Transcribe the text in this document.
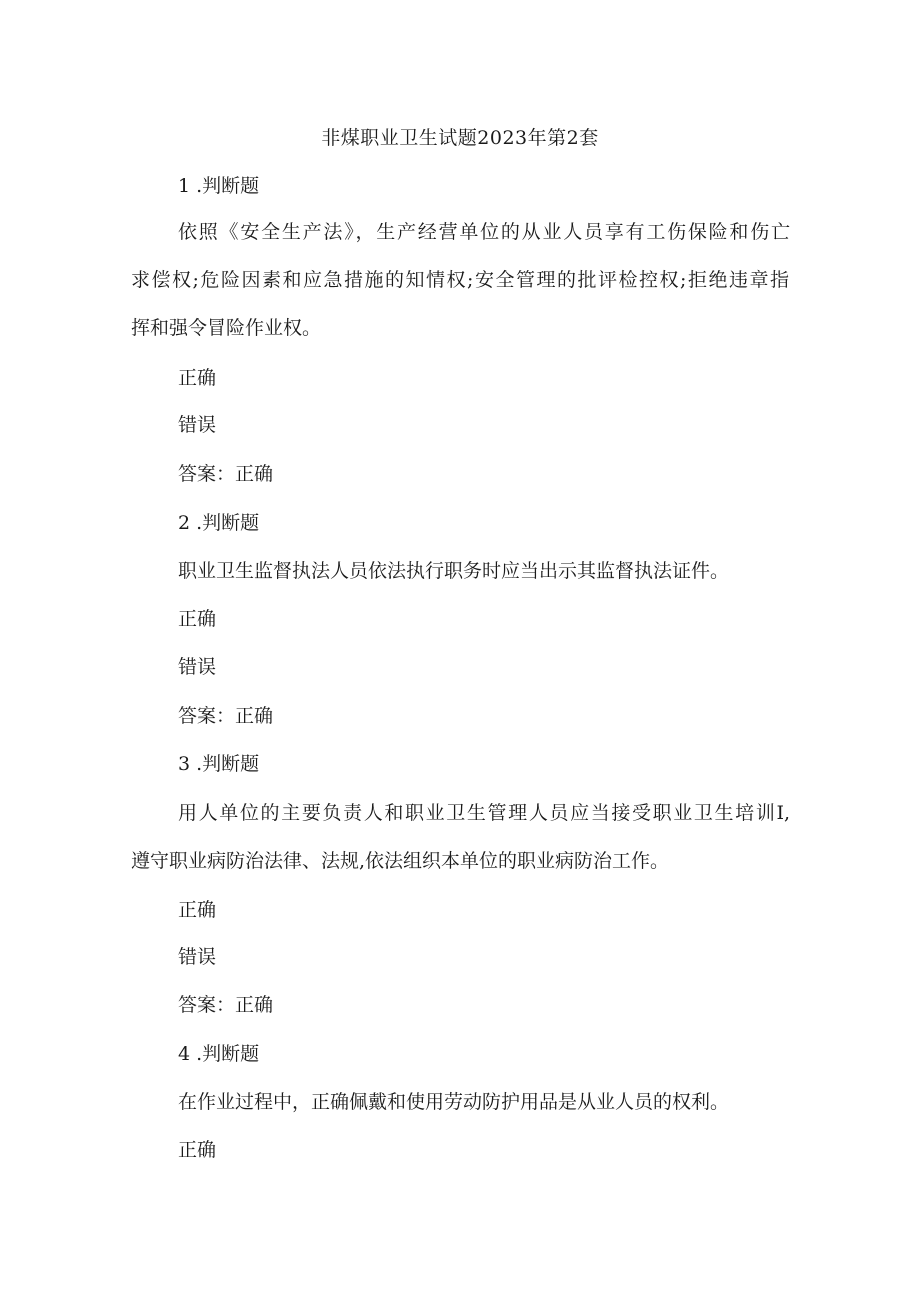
非煤职业卫生试题2023年第2套
1 .判断题
依照《安全生产法》，生产经营单位的从业人员享有工伤保险和伤亡
求偿权;危险因素和应急措施的知情权;安全管理的批评检控权;拒绝违章指
挥和强令冒险作业权。
正确
错误
答案：正确
2 .判断题
职业卫生监督执法人员依法执行职务时应当出示其监督执法证件。
正确
错误
答案：正确
3 .判断题
用人单位的主要负责人和职业卫生管理人员应当接受职业卫生培训I,
遵守职业病防治法律、法规,依法组织本单位的职业病防治工作。
正确
错误
答案：正确
4 .判断题
在作业过程中，正确佩戴和使用劳动防护用品是从业人员的权利。
正确
